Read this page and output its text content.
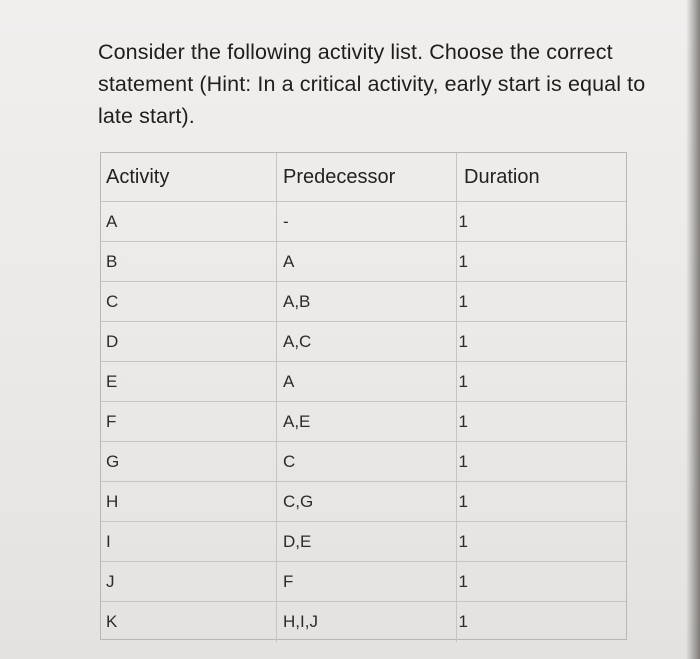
Consider the following activity list. Choose the correct statement (Hint: In a critical activity, early start is equal to late start).

Activity	Predecessor	Duration
A	-	1
B	A	1
C	A,B	1
D	A,C	1
E	A	1
F	A,E	1
G	C	1
H	C,G	1
I	D,E	1
J	F	1
K	H,I,J	1
